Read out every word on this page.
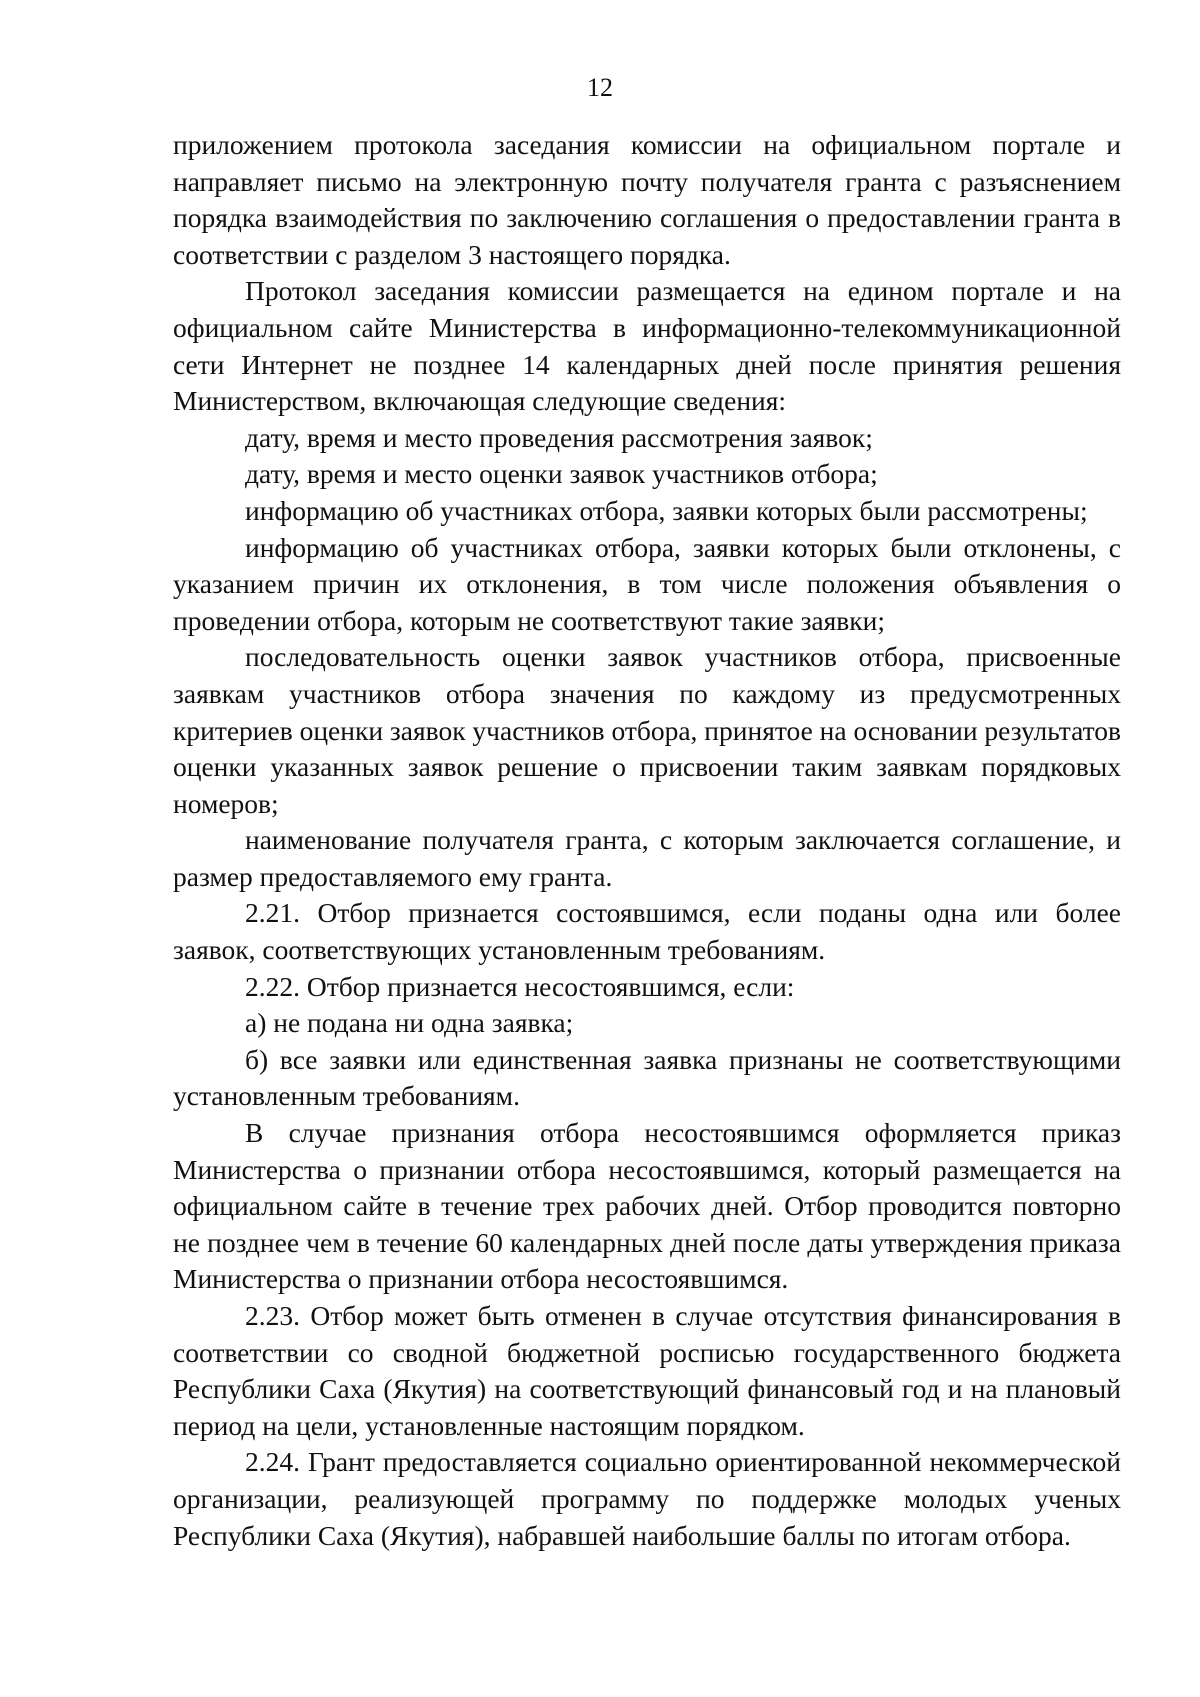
12

приложением протокола заседания комиссии на официальном портале и направляет письмо на электронную почту получателя гранта с разъяснением порядка взаимодействия по заключению соглашения о предоставлении гранта в соответствии с разделом 3 настоящего порядка.

Протокол заседания комиссии размещается на едином портале и на официальном сайте Министерства в информационно-телекоммуникационной сети Интернет не позднее 14 календарных дней после принятия решения Министерством, включающая следующие сведения:

дату, время и место проведения рассмотрения заявок;

дату, время и место оценки заявок участников отбора;

информацию об участниках отбора, заявки которых были рассмотрены;

информацию об участниках отбора, заявки которых были отклонены, с указанием причин их отклонения, в том числе положения объявления о проведении отбора, которым не соответствуют такие заявки;

последовательность оценки заявок участников отбора, присвоенные заявкам участников отбора значения по каждому из предусмотренных критериев оценки заявок участников отбора, принятое на основании результатов оценки указанных заявок решение о присвоении таким заявкам порядковых номеров;

наименование получателя гранта, с которым заключается соглашение, и размер предоставляемого ему гранта.

2.21. Отбор признается состоявшимся, если поданы одна или более заявок, соответствующих установленным требованиям.

2.22. Отбор признается несостоявшимся, если:

а) не подана ни одна заявка;

б) все заявки или единственная заявка признаны не соответствующими установленным требованиям.

В случае признания отбора несостоявшимся оформляется приказ Министерства о признании отбора несостоявшимся, который размещается на официальном сайте в течение трех рабочих дней. Отбор проводится повторно не позднее чем в течение 60 календарных дней после даты утверждения приказа Министерства о признании отбора несостоявшимся.

2.23. Отбор может быть отменен в случае отсутствия финансирования в соответствии со сводной бюджетной росписью государственного бюджета Республики Саха (Якутия) на соответствующий финансовый год и на плановый период на цели, установленные настоящим порядком.

2.24. Грант предоставляется социально ориентированной некоммерческой организации, реализующей программу по поддержке молодых ученых Республики Саха (Якутия), набравшей наибольшие баллы по итогам отбора.
